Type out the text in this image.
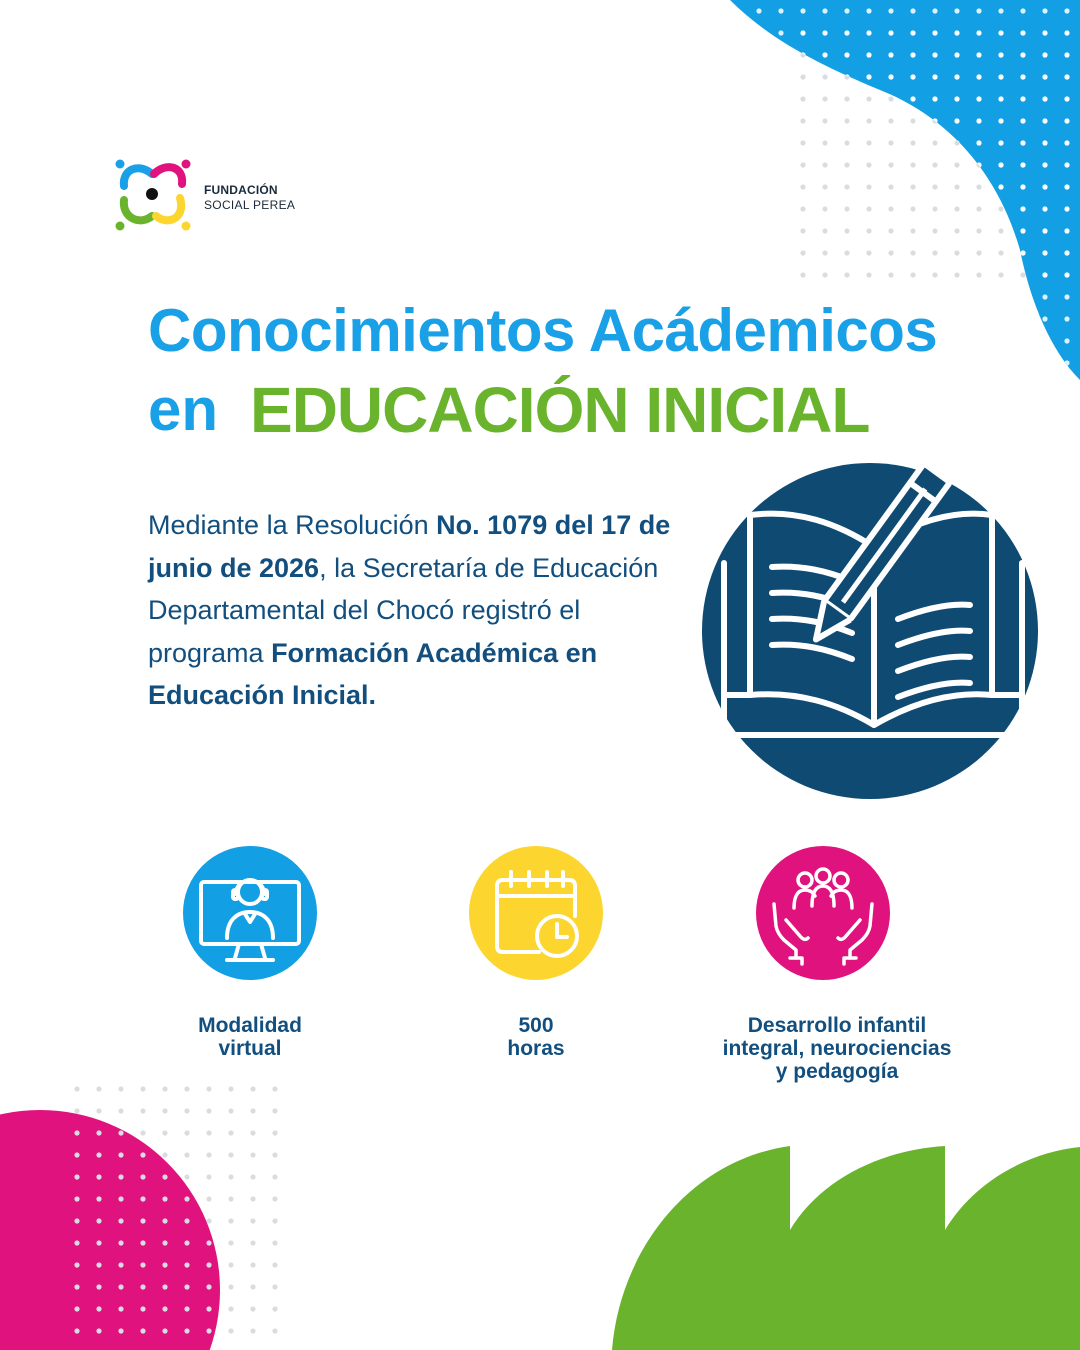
FUNDACIÓN
SOCIAL PEREA
Conocimientos Acádemicos
en EDUCACIÓN INICIAL
Mediante la Resolución No. 1079 del 17 de junio de 2026, la Secretaría de Educación Departamental del Chocó registró el programa Formación Académica en Educación Inicial.
Modalidad
virtual
500
horas
Desarrollo infantil
integral, neurociencias
y pedagogía
